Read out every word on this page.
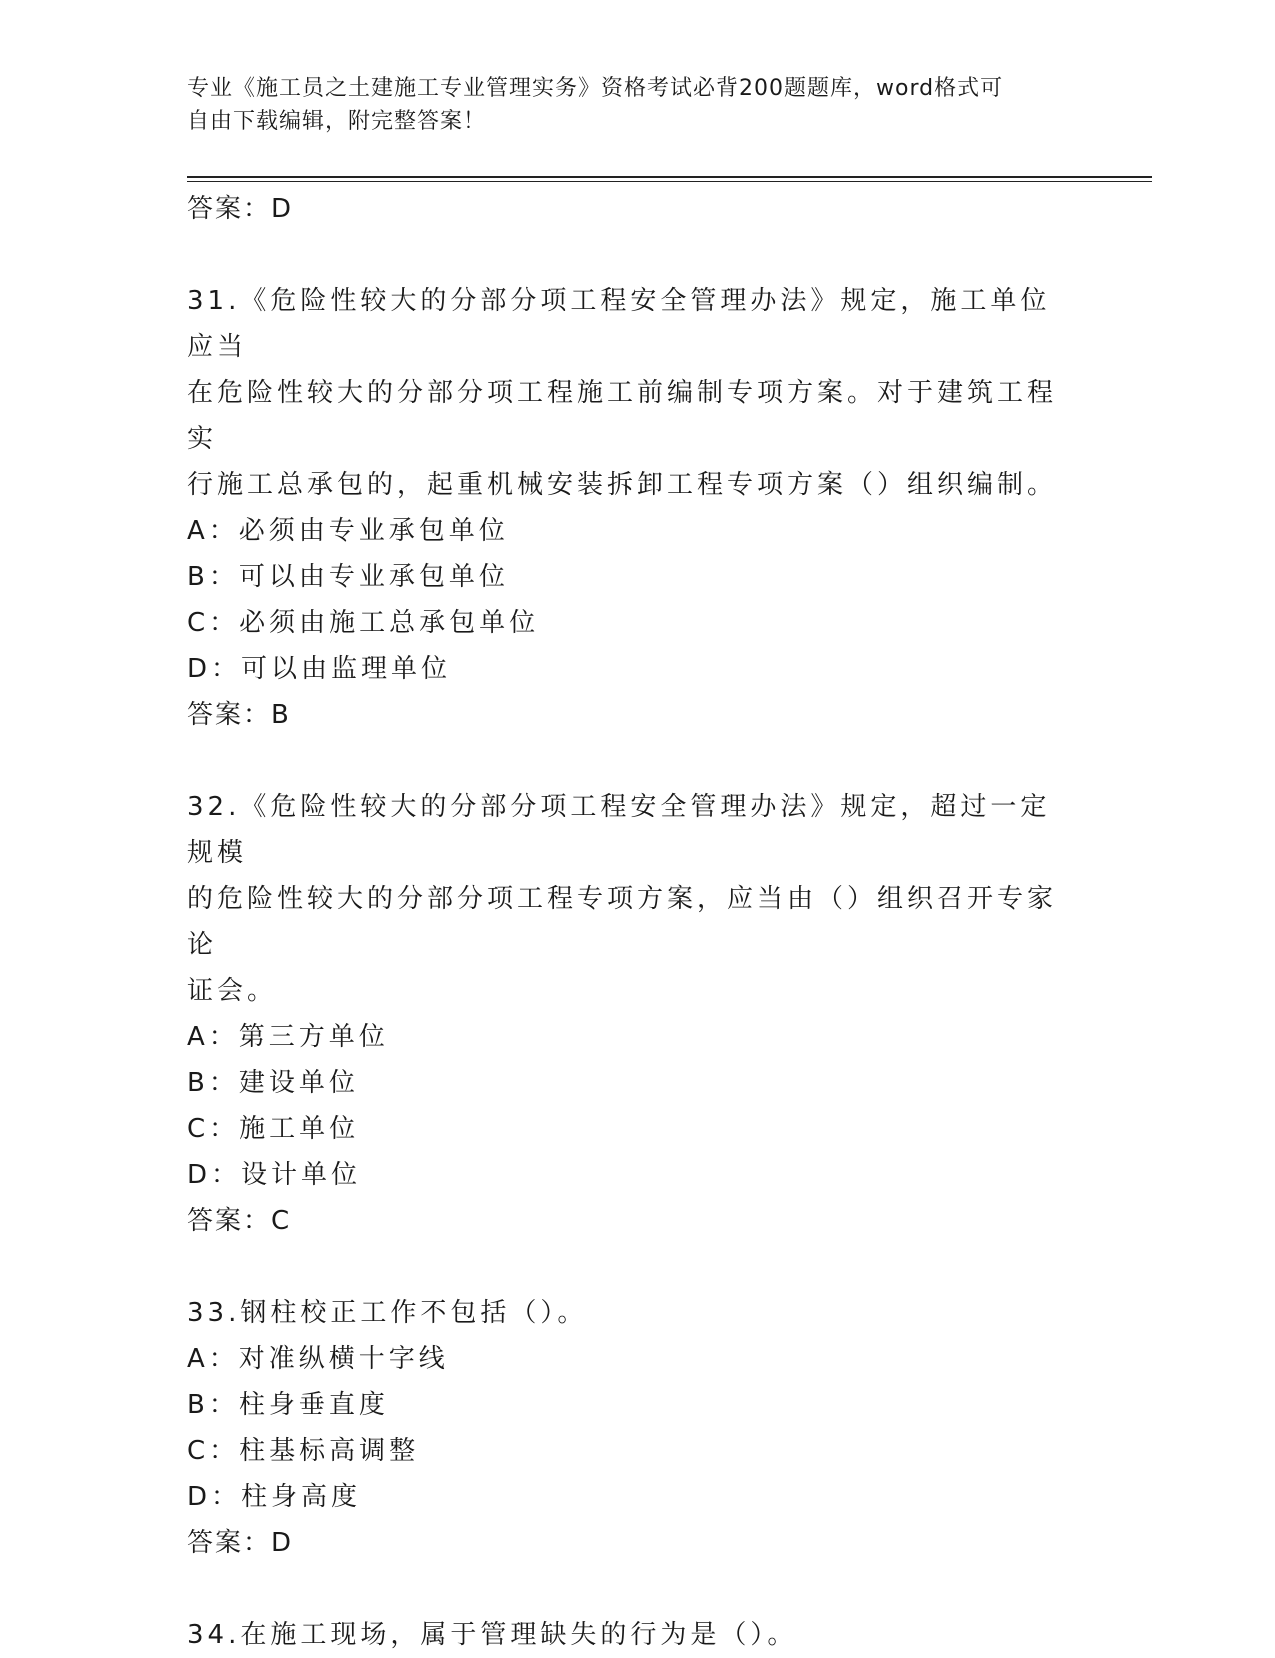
专业《施工员之土建施工专业管理实务》资格考试必背200题题库，word格式可
自由下载编辑，附完整答案！
答案：D
31.《危险性较大的分部分项工程安全管理办法》规定，施工单位应当
在危险性较大的分部分项工程施工前编制专项方案。对于建筑工程实
行施工总承包的，起重机械安装拆卸工程专项方案（）组织编制。
A：必须由专业承包单位
B：可以由专业承包单位
C：必须由施工总承包单位
D：可以由监理单位
答案：B
32.《危险性较大的分部分项工程安全管理办法》规定，超过一定规模
的危险性较大的分部分项工程专项方案，应当由（）组织召开专家论
证会。
A：第三方单位
B：建设单位
C：施工单位
D：设计单位
答案：C
33.钢柱校正工作不包括（）。
A：对准纵横十字线
B：柱身垂直度
C：柱基标高调整
D：柱身高度
答案：D
34.在施工现场，属于管理缺失的行为是（）。
